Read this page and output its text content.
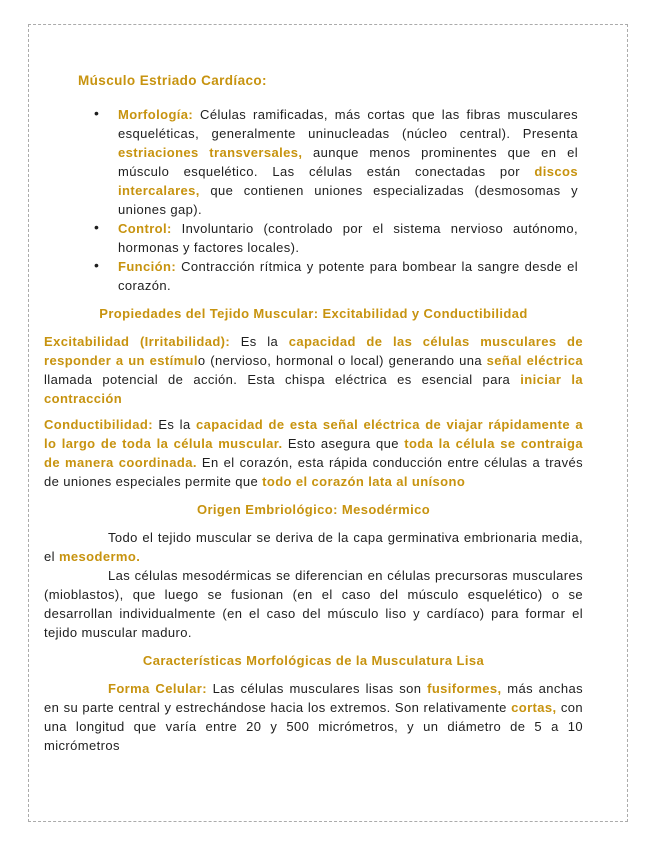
Músculo Estriado Cardíaco:

• Morfología: Células ramificadas, más cortas que las fibras musculares esqueléticas, generalmente uninucleadas (núcleo central). Presenta estriaciones transversales, aunque menos prominentes que en el músculo esquelético. Las células están conectadas por discos intercalares, que contienen uniones especializadas (desmosomas y uniones gap).
• Control: Involuntario (controlado por el sistema nervioso autónomo, hormonas y factores locales).
• Función: Contracción rítmica y potente para bombear la sangre desde el corazón.

Propiedades del Tejido Muscular: Excitabilidad y Conductibilidad

Excitabilidad (Irritabilidad): Es la capacidad de las células musculares de responder a un estímulo (nervioso, hormonal o local) generando una señal eléctrica llamada potencial de acción. Esta chispa eléctrica es esencial para iniciar la contracción

Conductibilidad: Es la capacidad de esta señal eléctrica de viajar rápidamente a lo largo de toda la célula muscular. Esto asegura que toda la célula se contraiga de manera coordinada. En el corazón, esta rápida conducción entre células a través de uniones especiales permite que todo el corazón lata al unísono

Origen Embriológico: Mesodérmico

Todo el tejido muscular se deriva de la capa germinativa embrionaria media, el mesodermo.

Las células mesodérmicas se diferencian en células precursoras musculares (mioblastos), que luego se fusionan (en el caso del músculo esquelético) o se desarrollan individualmente (en el caso del músculo liso y cardíaco) para formar el tejido muscular maduro.

Características Morfológicas de la Musculatura Lisa

Forma Celular: Las células musculares lisas son fusiformes, más anchas en su parte central y estrechándose hacia los extremos. Son relativamente cortas, con una longitud que varía entre 20 y 500 micrómetros, y un diámetro de 5 a 10 micrómetros
